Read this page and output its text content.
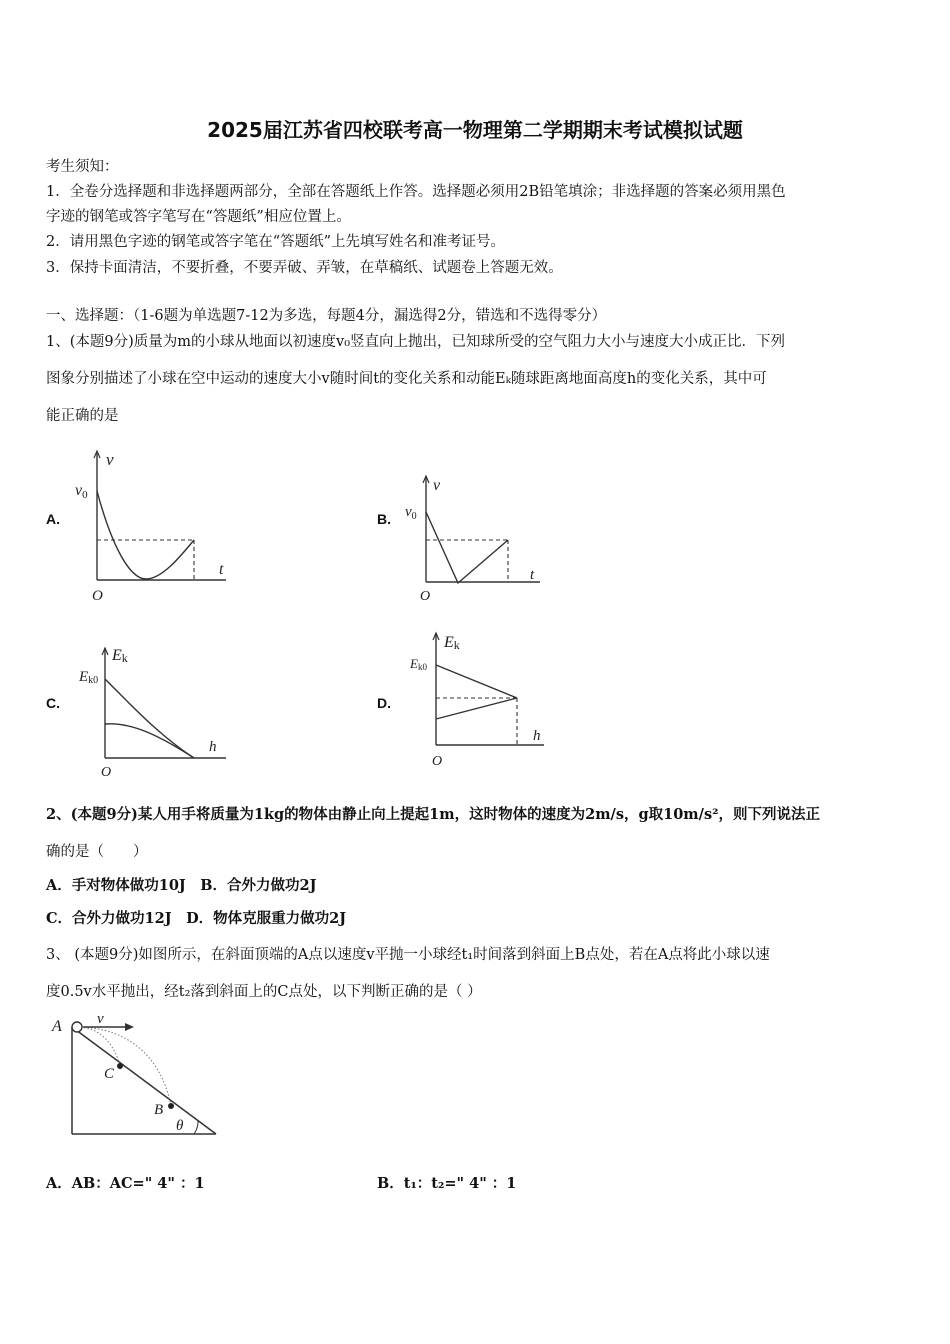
2025届江苏省四校联考高一物理第二学期期末考试模拟试题
考生须知：
1．全卷分选择题和非选择题两部分，全部在答题纸上作答。选择题必须用2B铅笔填涂；非选择题的答案必须用黑色
字迹的钢笔或答字笔写在“答题纸”相应位置上。
2．请用黑色字迹的钢笔或答字笔在“答题纸”上先填写姓名和准考证号。
3．保持卡面清洁，不要折叠，不要弄破、弄皱，在草稿纸、试题卷上答题无效。
一、选择题：（1-6题为单选题7-12为多选，每题4分，漏选得2分，错选和不选得零分）
1、(本题9分)质量为m的小球从地面以初速度v₀竖直向上抛出，已知球所受的空气阻力大小与速度大小成正比．下列
图象分别描述了小球在空中运动的速度大小v随时间t的变化关系和动能Eₖ随球距离地面高度h的变化关系，其中可
能正确的是
A.	B.
C.	D.
v
v0
t
O
v
$v_0$
t
O
Ek
Ek0
h
O
Ek
Ek0
h
O
2、(本题9分)某人用手将质量为1kg的物体由静止向上提起1m，这时物体的速度为2m/s，g取10m/s²，则下列说法正
确的是（　　）
A．手对物体做功10J　B．合外力做功2J
C．合外力做功12J　D．物体克服重力做功2J
3、 (本题9分)如图所示，在斜面顶端的A点以速度v平抛一小球经t₁时间落到斜面上B点处，若在A点将此小球以速
度0.5v水平抛出，经t₂落到斜面上的C点处，以下判断正确的是（ ）
A v
C
B
θ
A．AB：AC=" 4" ：1	B．t₁：t₂=" 4" ：1
